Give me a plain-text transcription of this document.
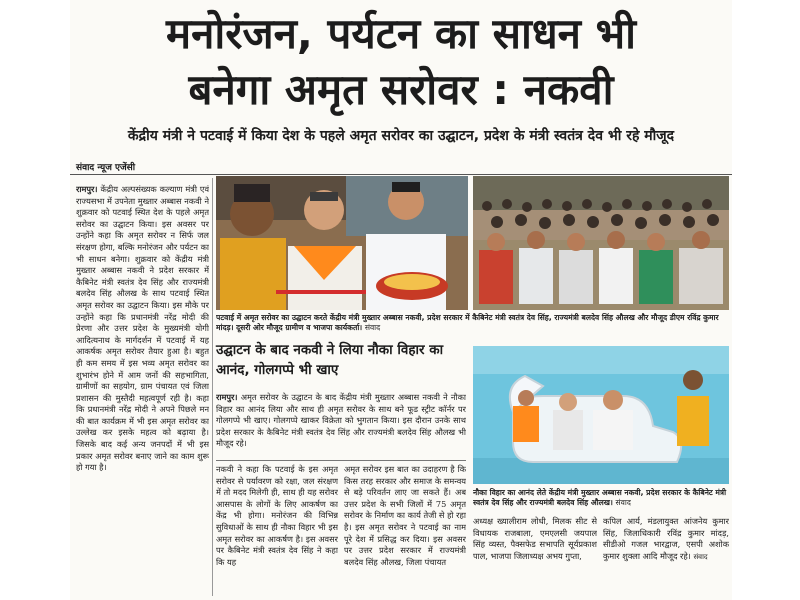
मनोरंजन, पर्यटन का साधन भी
बनेगा अमृत सरोवर : नकवी
केंद्रीय मंत्री ने पटवाई में किया देश के पहले अमृत सरोवर का उद्घाटन, प्रदेश के मंत्री स्वतंत्र देव भी रहे मौजूद
संवाद न्यूज एजेंसी
रामपुर। केंद्रीय अल्पसंख्यक कल्याण मंत्री एवं राज्यसभा में उपनेता मुख्तार अब्बास नकवी ने शुक्रवार को पटवाई स्थित देश के पहले अमृत सरोवर का उद्घाटन किया। इस अवसर पर उन्होंने कहा कि अमृत सरोवर न सिर्फ जल संरक्षण होगा, बल्कि मनोरंजन और पर्यटन का भी साधन बनेगा। शुक्रवार को केंद्रीय मंत्री मुख्तार अब्बास नकवी ने प्रदेश सरकार में कैबिनेट मंत्री स्वतंत्र देव सिंह और राज्यमंत्री बलदेव सिंह औलख के साथ पटवाई स्थित अमृत सरोवर का उद्घाटन किया। इस मौके पर उन्होंने कहा कि प्रधानमंत्री नरेंद्र मोदी की प्रेरणा और उत्तर प्रदेश के मुख्यमंत्री योगी आदित्यनाथ के मार्गदर्शन में पटवाई में यह आकर्षक अमृत सरोवर तैयार हुआ है। बहुत ही कम समय में इस भव्य अमृत सरोवर का शुभारंभ होने में आम जनों की सहभागिता, ग्रामीणों का सहयोग, ग्राम पंचायत एवं जिला प्रशासन की मुस्तैदी महत्वपूर्ण रही है। कहा कि प्रधानमंत्री नरेंद्र मोदी ने अपने पिछले मन की बात कार्यक्रम में भी इस अमृत सरोवर का उल्लेख कर इसके महत्व को बढ़ाया है। जिसके बाद कई अन्य जनपदों में भी इस प्रकार अमृत सरोवर बनाए जाने का काम शुरू हो गया है।
पटवाई में अमृत सरोवर का उद्घाटन करते केंद्रीय मंत्री मुख्तार अब्बास नकवी, प्रदेश सरकार में कैबिनेट मंत्री स्वतंत्र देव सिंह, राज्यमंत्री बलदेव सिंह औलख और मौजूद डीएम रविंद्र कुमार मांदड़। दूसरी ओर मौजूद ग्रामीण व भाजपा कार्यकर्ता। संवाद
उद्घाटन के बाद नकवी ने लिया नौका विहार का आनंद, गोलगप्पे भी खाए
रामपुर। अमृत सरोवर के उद्घाटन के बाद केंद्रीय मंत्री मुख्तार अब्बास नकवी ने नौका विहार का आनंद लिया और साथ ही अमृत सरोवर के साथ बने फूड स्ट्रीट कॉर्नर पर गोलगप्पे भी खाए। गोलगप्पे खाकर विक्रेता को भुगतान किया। इस दौरान उनके साथ प्रदेश सरकार के कैबिनेट मंत्री स्वतंत्र देव सिंह और राज्यमंत्री बलदेव सिंह औलख भी मौजूद रहे।
नौका विहार का आनंद लेते केंद्रीय मंत्री मुख्तार अब्बास नकवी, प्रदेश सरकार के कैबिनेट मंत्री स्वतंत्र देव सिंह और राज्यमंत्री बलदेव सिंह औलख। संवाद
नकवी ने कहा कि पटवाई के इस अमृत सरोवर से पर्यावरण को रक्षा, जल संरक्षण में तो मदद मिलेगी ही, साथ ही यह सरोवर आसपास के लोगों के लिए आकर्षण का केंद्र भी होगा। मनोरंजन की विभिन्न सुविधाओं के साथ ही नौका विहार भी इस अमृत सरोवर का आकर्षण है। इस अवसर पर कैबिनेट मंत्री स्वतंत्र देव सिंह ने कहा कि यह
अमृत सरोवर इस बात का उदाहरण है कि किस तरह सरकार और समाज के समन्वय से बड़े परिवर्तन लाए जा सकते हैं। अब उत्तर प्रदेश के सभी जिलों में 75 अमृत सरोवर के निर्माण का कार्य तेजी से हो रहा है। इस अमृत सरोवर ने पटवाई का नाम पूरे देश में प्रसिद्ध कर दिया। इस अवसर पर उत्तर प्रदेश सरकार में राज्यमंत्री बलदेव सिंह औलख, जिला पंचायत
अध्यक्ष ख्यालीराम लोधी, मिलक सीट से विधायक राजबाला, एमएलसी जयपाल सिंह व्यस्त, पैक्सफेड सभापति सूर्यप्रकाश पाल, भाजपा जिलाध्यक्ष अभय गुप्ता,
कपिल आर्य, मंडलायुक्त आंजनेय कुमार सिंह, जिलाधिकारी रविंद्र कुमार मांदड़, सीडीओ गजल भारद्वाज, एसपी अशोक कुमार शुक्ला आदि मौजूद रहे। संवाद
